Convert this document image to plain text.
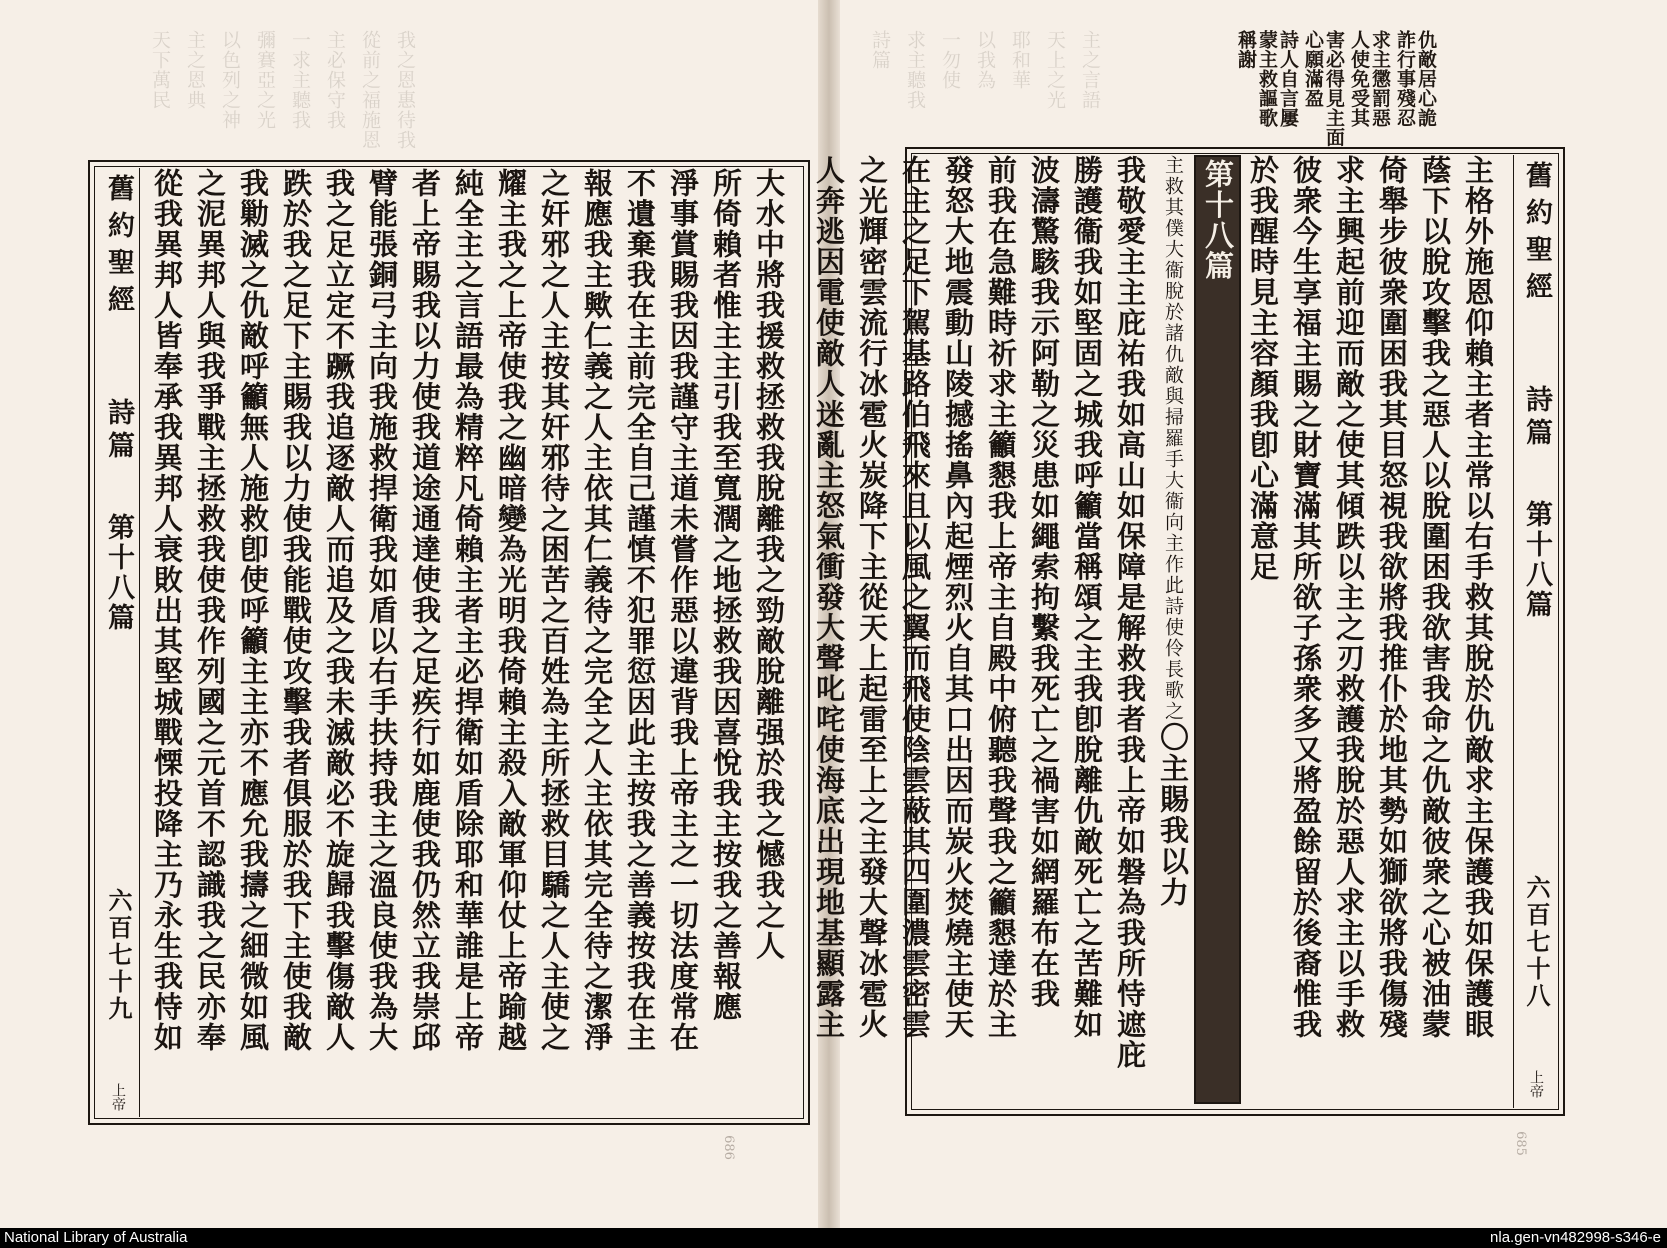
我之恩惠待我
從前之福施恩
主必保守我
一求主聽我
彌賽亞之光
以色列之神
主之恩典
天下萬民
大水中將我援救拯救我脫離我之勁敵脫離强於我之憾我之人
所倚賴者惟主主引我至寬濶之地拯救我因喜悅我主按我之善報應
淨事賞賜我因我謹守主道未嘗作惡以違背我上帝主之一切法度常在
不遺棄我在主前完全自己謹慎不犯罪愆因此主按我之善義按我在主
報應我主歟仁義之人主依其仁義待之完全之人主依其完全待之潔淨
之奸邪之人主按其奸邪待之困苦之百姓為主所拯救目驕之人主使之
耀主我之上帝使我之幽暗變為光明我倚賴主殺入敵軍仰仗上帝踰越
純全主之言語最為精粹凡倚賴主者主必捍衛如盾除耶和華誰是上帝
者上帝賜我以力使我道途通達使我之足疾行如鹿使我仍然立我崇邱
臂能張銅弓主向我施救捍衛我如盾以右手扶持我主之溫良使我為大
我之足立定不蹶我追逐敵人而追及之我未滅敵必不旋歸我擊傷敵人
跌於我之足下主賜我以力使我能戰使攻擊我者俱服於我下主使我敵
我勦滅之仇敵呼籲無人施救卽使呼籲主主亦不應允我擣之細微如風
之泥異邦人與我爭戰主拯救我使我作列國之元首不認識我之民亦奉
從我異邦人皆奉承我異邦人衰敗出其堅城戰慄投降主乃永生我恃如
舊約聖經
詩篇
第十八篇
六百七十九
上帝
686
主之言語
天上之光
耶和華
以我為
一勿使
求主聽我
詩篇	仇敵居心詭
詐行事殘忍
求主懲罰惡
人使免受其
害必得見主面
心願滿盈
詩人自言屢
蒙主救謳歌
稱謝
舊約聖經
詩篇
第十八篇
六百七十八
上帝
主格外施恩仰賴主者主常以右手救其脫於仇敵求主保護我如保護眼
蔭下以脫攻擊我之惡人以脫圍困我欲害我命之仇敵彼衆之心被油蒙
倚舉步彼衆圍困我其目怒視我欲將我推仆於地其勢如獅欲將我傷殘
求主興起前迎而敵之使其傾跌以主之刃救護我脫於惡人求主以手救
彼衆今生享福主賜之財寶滿其所欲子孫衆多又將盈餘留於後裔惟我
於我醒時見主容顏我卽心滿意足
第十八篇
主救其僕大衞脫於諸仇敵與掃羅手大衞向主作此詩使伶長歌之〇主賜我以力
我敬愛主主庇祐我如高山如保障是解救我者我上帝如磐為我所恃遮庇
勝護衞我如堅固之城我呼籲當稱頌之主我卽脫離仇敵死亡之苦難如
波濤驚駭我示阿勒之災患如繩索拘繫我死亡之禍害如網羅布在我
前我在急難時祈求主籲懇我上帝主自殿中俯聽我聲我之籲懇達於主
發怒大地震動山陵撼搖鼻內起煙烈火自其口出因而炭火焚燒主使天
在主之足下駕基路伯飛來且以風之翼而飛使陰雲蔽其四圍濃雲密雲
之光輝密雲流行冰雹火炭降下主從天上起雷至上之主發大聲冰雹火
人奔逃因電使敵人迷亂主怒氣衝發大聲叱咤使海底出現地基顯露主
685
National Library of Australia	nla.gen-vn482998-s346-e
